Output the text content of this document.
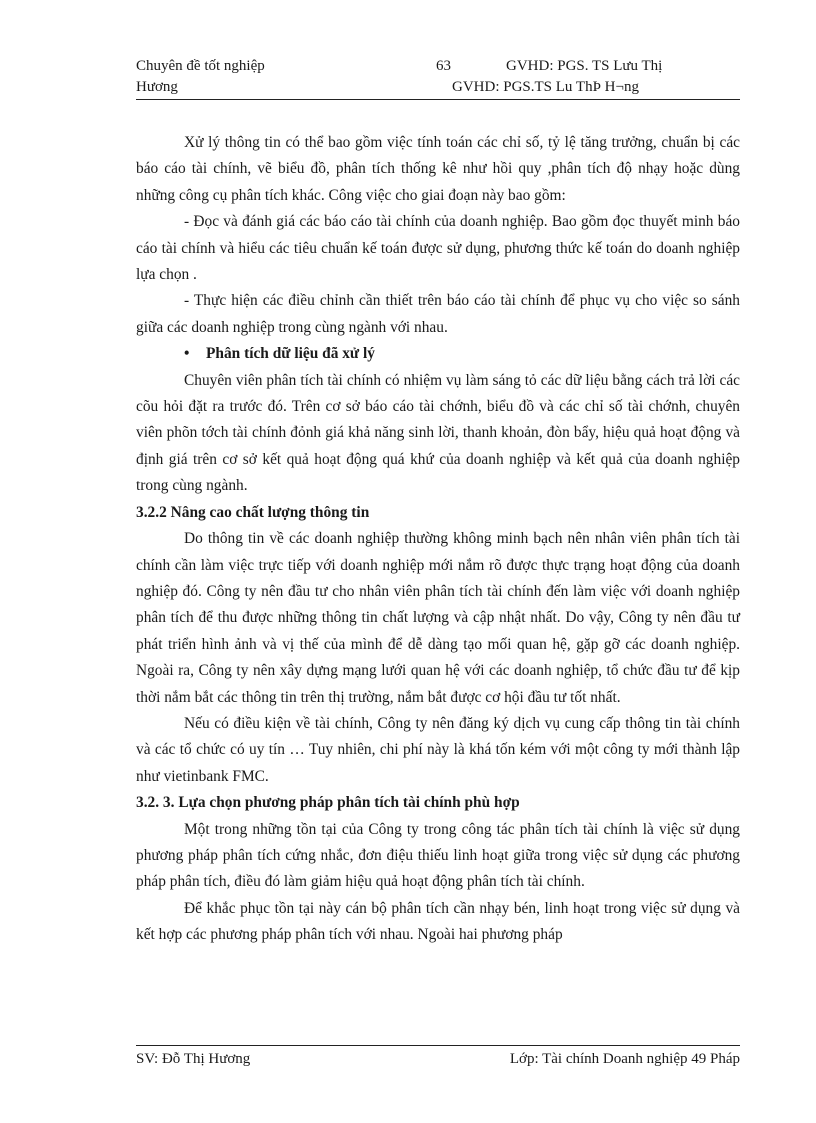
Chuyên đề tốt nghiệp	63	GVHD: PGS. TS Lưu Thị
Hương	GVHD: PGS.TS Lu ThÞ H¬ng

Xử lý thông tin có thể bao gồm việc tính toán các chỉ số, tỷ lệ tăng trưởng, chuẩn bị các báo cáo tài chính, vẽ biểu đồ, phân tích thống kê như hồi quy ,phân tích độ nhạy hoặc dùng những công cụ phân tích khác. Công việc cho giai đoạn này bao gồm:

- Đọc và đánh giá các báo cáo tài chính của doanh nghiệp. Bao gồm đọc thuyết minh báo cáo tài chính và hiểu các tiêu chuẩn kế toán được sử dụng, phương thức kế toán do doanh nghiệp lựa chọn .

- Thực hiện các điều chỉnh cần thiết trên báo cáo tài chính để phục vụ cho việc so sánh giữa các doanh nghiệp trong cùng ngành với nhau.

• Phân tích dữ liệu đã xử lý

Chuyên viên phân tích tài chính có nhiệm vụ làm sáng tỏ các dữ liệu bằng cách trả lời các cõu hỏi đặt ra trước đó. Trên cơ sở báo cáo tài chớnh, biểu đồ và các chỉ số tài chớnh, chuyên viên phõn tớch tài chính đỏnh giá khả năng sinh lời, thanh khoản, đòn bẩy, hiệu quả hoạt động và định giá trên cơ sở kết quả hoạt động quá khứ của doanh nghiệp và kết quả của doanh nghiệp trong cùng ngành.

3.2.2 Nâng cao chất lượng thông tin

Do thông tin về các doanh nghiệp thường không minh bạch nên nhân viên phân tích tài chính cần làm việc trực tiếp với doanh nghiệp mới nắm rõ được thực trạng hoạt động của doanh nghiệp đó. Công ty nên đầu tư cho nhân viên phân tích tài chính đến làm việc với doanh nghiệp phân tích để thu được những thông tin chất lượng và cập nhật nhất. Do vậy, Công ty nên đầu tư phát triển hình ảnh và vị thế của mình để dễ dàng tạo mối quan hệ, gặp gỡ các doanh nghiệp. Ngoài ra, Công ty nên xây dựng mạng lưới quan hệ với các doanh nghiệp, tổ chức đầu tư để kịp thời nắm bắt các thông tin trên thị trường, nắm bắt được cơ hội đầu tư tốt nhất.

Nếu có điều kiện về tài chính, Công ty nên đăng ký dịch vụ cung cấp thông tin tài chính và các tổ chức có uy tín … Tuy nhiên, chi phí này là khá tốn kém với một công ty mới thành lập như vietinbank FMC.

3.2. 3. Lựa chọn phương pháp phân tích tài chính phù hợp

Một trong những tồn tại của Công ty trong công tác phân tích tài chính là việc sử dụng phương pháp phân tích cứng nhắc, đơn điệu thiếu linh hoạt giữa trong việc sử dụng các phương pháp phân tích, điều đó làm giảm hiệu quả hoạt động phân tích tài chính.

Để khắc phục tồn tại này cán bộ phân tích cần nhạy bén, linh hoạt trong việc sử dụng và kết hợp các phương pháp phân tích với nhau. Ngoài hai phương pháp

SV: Đỗ Thị Hương	Lớp: Tài chính Doanh nghiệp 49 Pháp
